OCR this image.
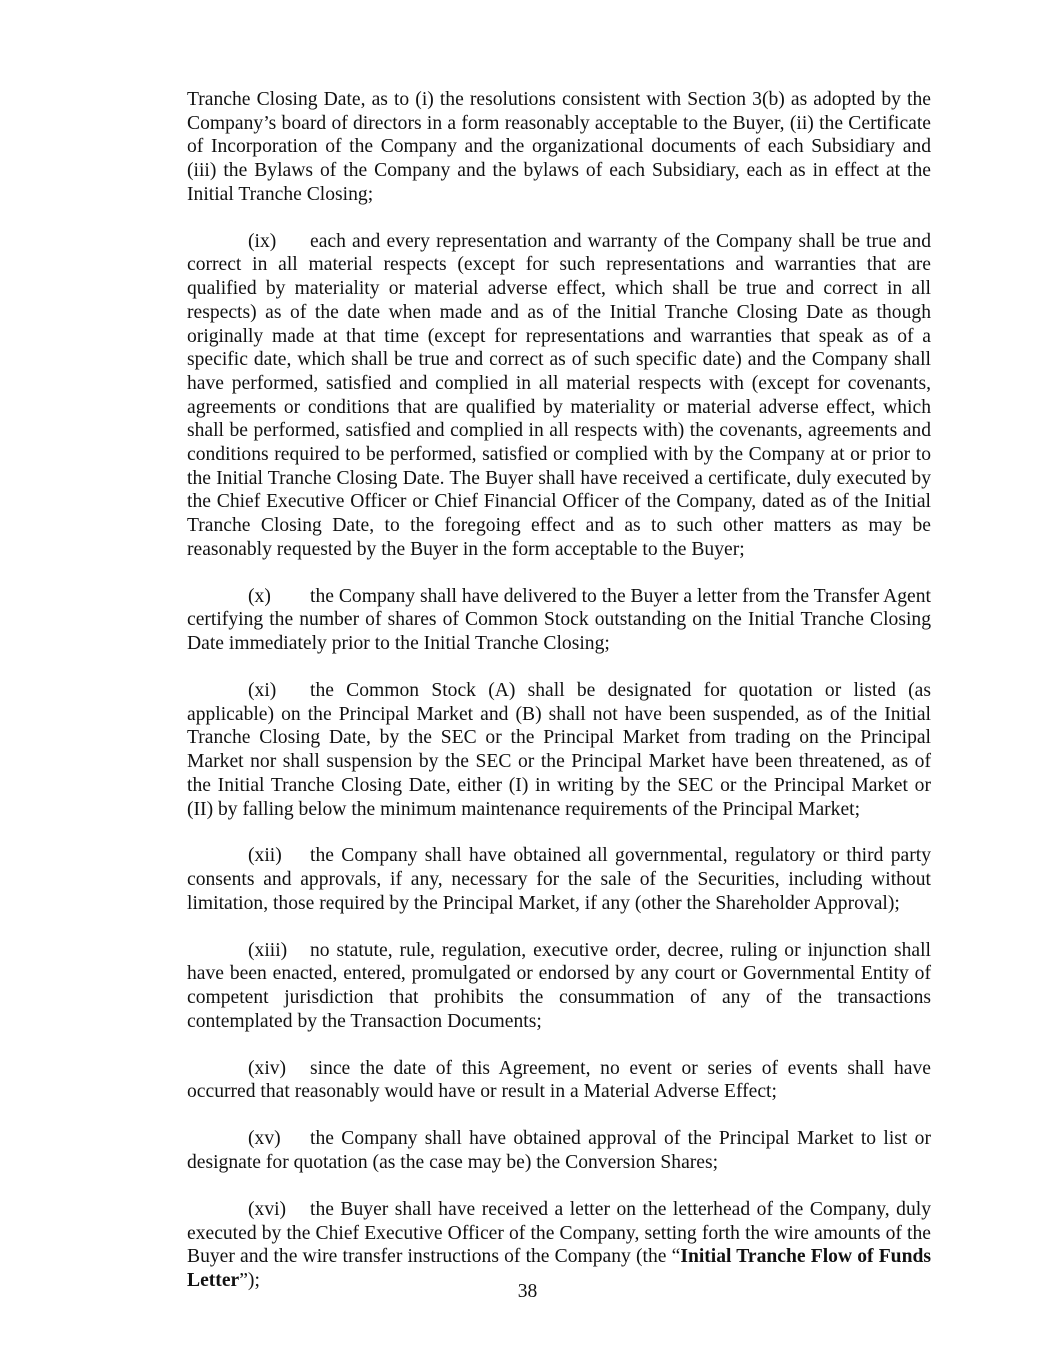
Tranche Closing Date, as to (i) the resolutions consistent with Section 3(b) as adopted by the Company’s board of directors in a form reasonably acceptable to the Buyer, (ii) the Certificate of Incorporation of the Company and the organizational documents of each Subsidiary and (iii) the Bylaws of the Company and the bylaws of each Subsidiary, each as in effect at the Initial Tranche Closing;

(ix) each and every representation and warranty of the Company shall be true and correct in all material respects (except for such representations and warranties that are qualified by materiality or material adverse effect, which shall be true and correct in all respects) as of the date when made and as of the Initial Tranche Closing Date as though originally made at that time (except for representations and warranties that speak as of a specific date, which shall be true and correct as of such specific date) and the Company shall have performed, satisfied and complied in all material respects with (except for covenants, agreements or conditions that are qualified by materiality or material adverse effect, which shall be performed, satisfied and complied in all respects with) the covenants, agreements and conditions required to be performed, satisfied or complied with by the Company at or prior to the Initial Tranche Closing Date. The Buyer shall have received a certificate, duly executed by the Chief Executive Officer or Chief Financial Officer of the Company, dated as of the Initial Tranche Closing Date, to the foregoing effect and as to such other matters as may be reasonably requested by the Buyer in the form acceptable to the Buyer;

(x) the Company shall have delivered to the Buyer a letter from the Transfer Agent certifying the number of shares of Common Stock outstanding on the Initial Tranche Closing Date immediately prior to the Initial Tranche Closing;

(xi) the Common Stock (A) shall be designated for quotation or listed (as applicable) on the Principal Market and (B) shall not have been suspended, as of the Initial Tranche Closing Date, by the SEC or the Principal Market from trading on the Principal Market nor shall suspension by the SEC or the Principal Market have been threatened, as of the Initial Tranche Closing Date, either (I) in writing by the SEC or the Principal Market or (II) by falling below the minimum maintenance requirements of the Principal Market;

(xii) the Company shall have obtained all governmental, regulatory or third party consents and approvals, if any, necessary for the sale of the Securities, including without limitation, those required by the Principal Market, if any (other the Shareholder Approval);

(xiii) no statute, rule, regulation, executive order, decree, ruling or injunction shall have been enacted, entered, promulgated or endorsed by any court or Governmental Entity of competent jurisdiction that prohibits the consummation of any of the transactions contemplated by the Transaction Documents;

(xiv) since the date of this Agreement, no event or series of events shall have occurred that reasonably would have or result in a Material Adverse Effect;

(xv) the Company shall have obtained approval of the Principal Market to list or designate for quotation (as the case may be) the Conversion Shares;

(xvi) the Buyer shall have received a letter on the letterhead of the Company, duly executed by the Chief Executive Officer of the Company, setting forth the wire amounts of the Buyer and the wire transfer instructions of the Company (the “Initial Tranche Flow of Funds Letter”);

38
